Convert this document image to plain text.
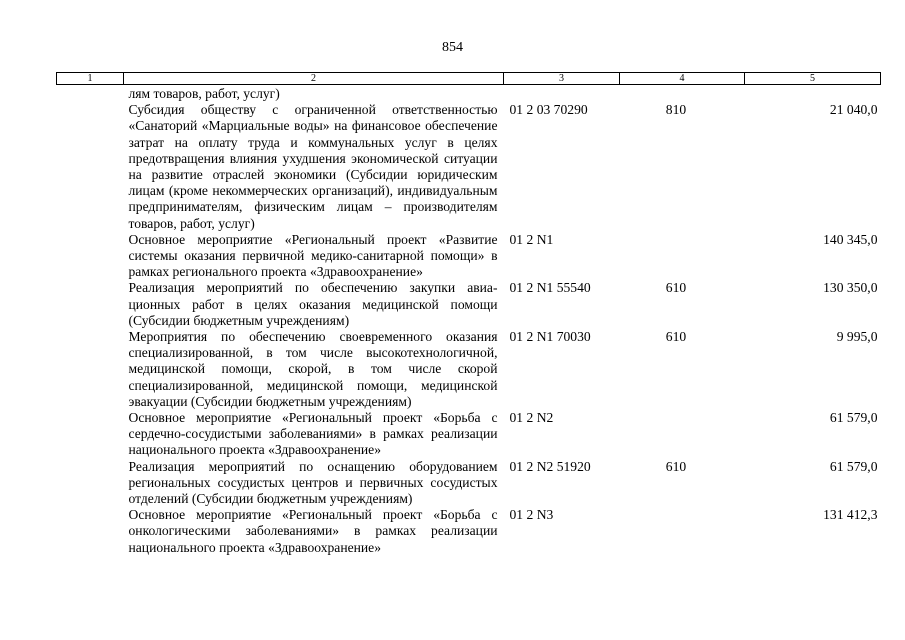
854
1	2	3	4	5
	лям товаров, работ, услуг)			
	Субсидия обществу с ограниченной ответственностью «Санаторий «Марциальные воды» на финансовое обеспечение затрат на оплату труда и коммунальных услуг в целях предотвращения влияния ухудшения экономической ситуации на развитие отраслей экономики (Субсидии юридическим лицам (кроме некоммерческих организаций), индивидуальным предпринимателям, физическим лицам – производителям товаров, работ, услуг)	01 2 03 70290	810	21 040,0
	Основное мероприятие «Региональный проект «Развитие системы оказания первичной медико-санитарной помощи» в рамках регионального проекта «Здравоохранение»	01 2 N1		140 345,0
	Реализация мероприятий по обеспечению закупки авиационных работ в целях оказания медицинской помощи (Субсидии бюджетным учреждениям)	01 2 N1 55540	610	130 350,0
	Мероприятия по обеспечению своевременного оказания специализированной, в том числе высокотехнологичной, медицинской помощи, скорой, в том числе скорой специализированной, медицинской помощи, медицинской эвакуации (Субсидии бюджетным учреждениям)	01 2 N1 70030	610	9 995,0
	Основное мероприятие «Региональный проект «Борьба с сердечно-сосудистыми заболеваниями» в рамках реализации национального проекта «Здравоохранение»	01 2 N2		61 579,0
	Реализация мероприятий по оснащению оборудованием региональных сосудистых центров и первичных сосудистых отделений (Субсидии бюджетным учреждениям)	01 2 N2 51920	610	61 579,0
	Основное мероприятие «Региональный проект «Борьба с онкологическими заболеваниями» в рамках реализации национального проекта «Здравоохранение»	01 2 N3		131 412,3
